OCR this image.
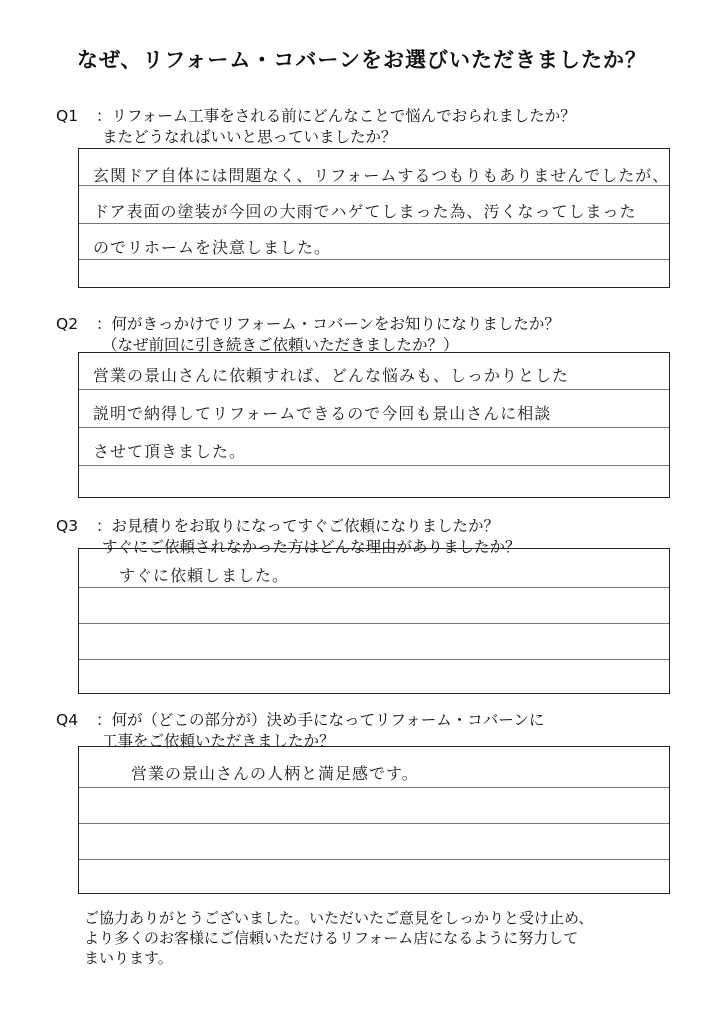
なぜ、リフォーム・コバーンをお選びいただきましたか？
Q1 ：リフォーム工事をされる前にどんなことで悩んでおられましたか？
またどうなればいいと思っていましたか？
玄関ドア自体には問題なく、リフォームするつもりもありませんでしたが、
ドア表面の塗装が今回の大雨でハゲてしまった為、汚くなってしまった
のでリホームを決意しました。
Q2 ：何がきっかけでリフォーム・コバーンをお知りになりましたか？
（なぜ前回に引き続きご依頼いただきましたか？）
営業の景山さんに依頼すれば、どんな悩みも、しっかりとした
説明で納得してリフォームできるので今回も景山さんに相談
させて頂きました。
Q3 ：お見積りをお取りになってすぐご依頼になりましたか？
すぐにご依頼されなかった方はどんな理由がありましたか？
すぐに依頼しました。
Q4 ：何が（どこの部分が）決め手になってリフォーム・コバーンに
工事をご依頼いただきましたか？
営業の景山さんの人柄と満足感です。
ご協力ありがとうございました。いただいたご意見をしっかりと受け止め、
より多くのお客様にご信頼いただけるリフォーム店になるように努力して
まいります。
